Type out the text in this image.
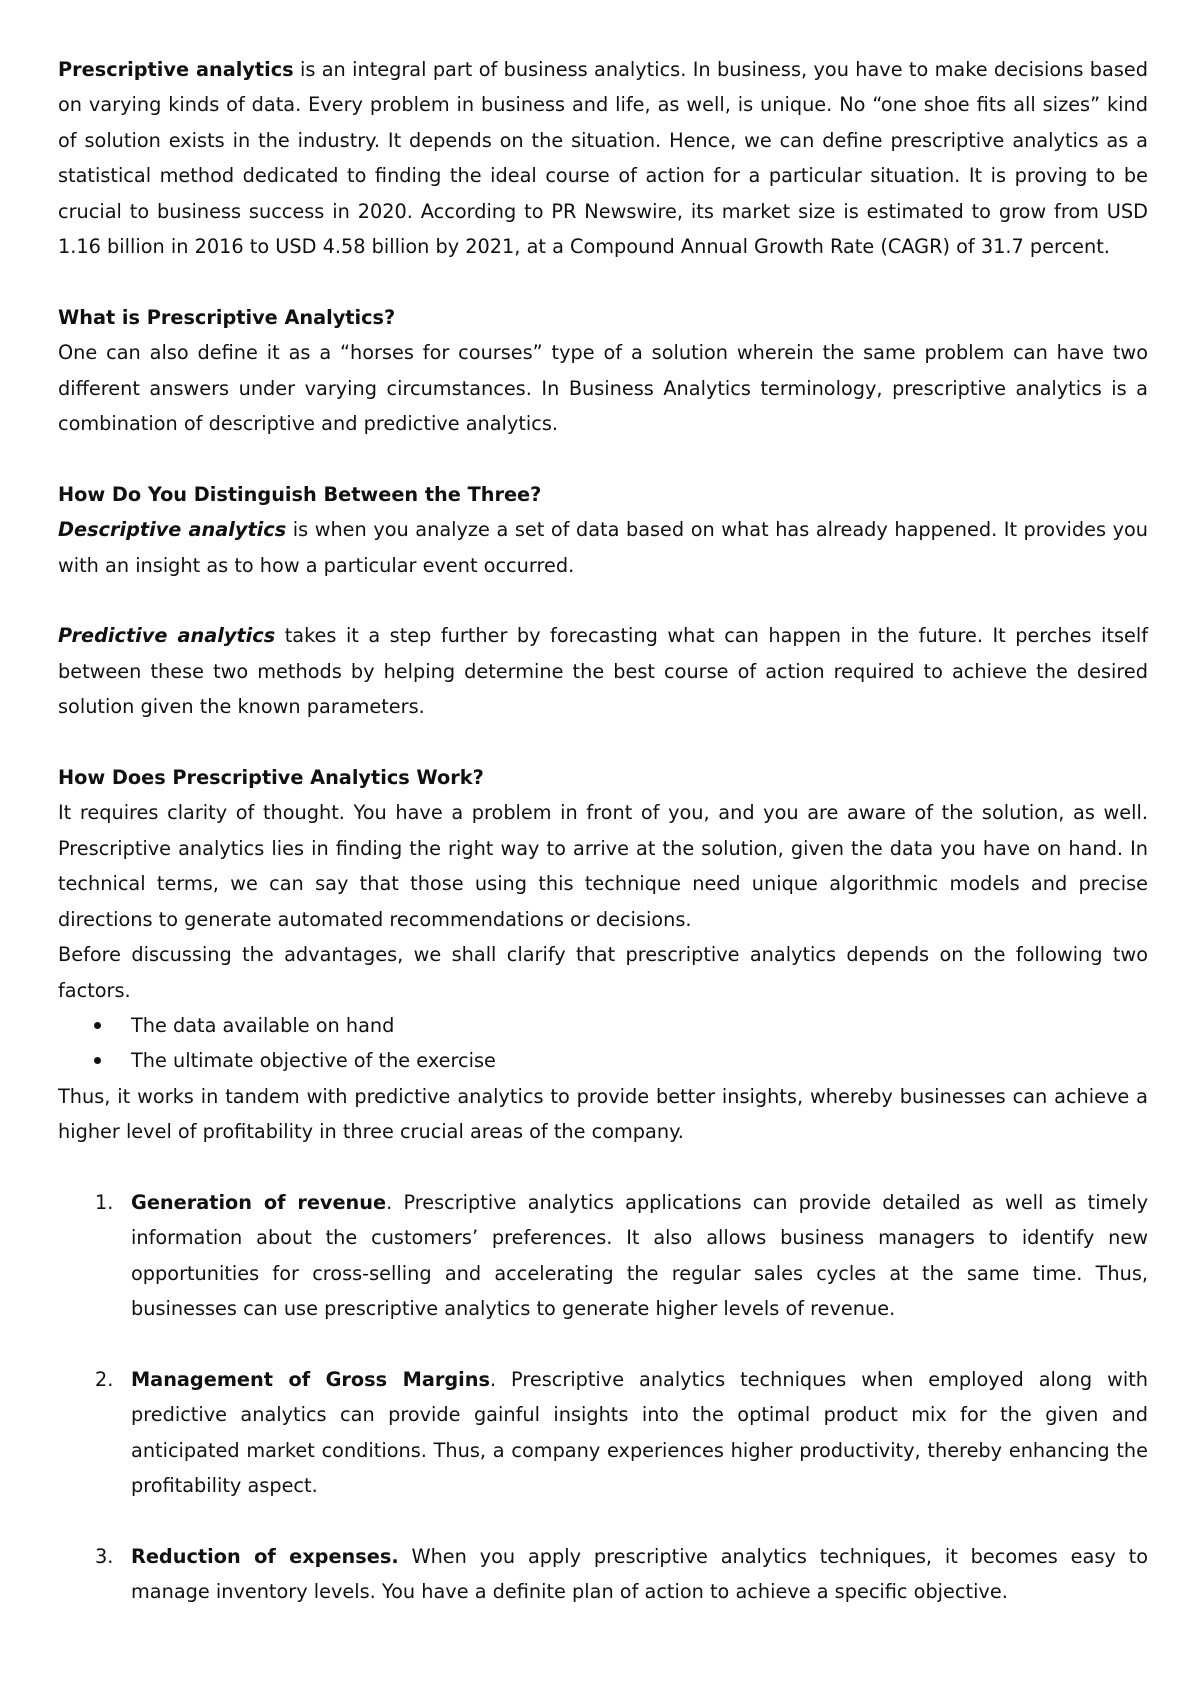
Prescriptive analytics is an integral part of business analytics. In business, you have to make decisions based on varying kinds of data. Every problem in business and life, as well, is unique. No “one shoe fits all sizes” kind of solution exists in the industry. It depends on the situation. Hence, we can define prescriptive analytics as a statistical method dedicated to finding the ideal course of action for a particular situation. It is proving to be crucial to business success in 2020. According to PR Newswire, its market size is estimated to grow from USD 1.16 billion in 2016 to USD 4.58 billion by 2021, at a Compound Annual Growth Rate (CAGR) of 31.7 percent.

What is Prescriptive Analytics?

One can also define it as a “horses for courses” type of a solution wherein the same problem can have two different answers under varying circumstances. In Business Analytics terminology, prescriptive analytics is a combination of descriptive and predictive analytics.

How Do You Distinguish Between the Three?

Descriptive analytics is when you analyze a set of data based on what has already happened. It provides you with an insight as to how a particular event occurred.

Predictive analytics takes it a step further by forecasting what can happen in the future. It perches itself between these two methods by helping determine the best course of action required to achieve the desired solution given the known parameters.

How Does Prescriptive Analytics Work?

It requires clarity of thought. You have a problem in front of you, and you are aware of the solution, as well. Prescriptive analytics lies in finding the right way to arrive at the solution, given the data you have on hand. In technical terms, we can say that those using this technique need unique algorithmic models and precise directions to generate automated recommendations or decisions.

Before discussing the advantages, we shall clarify that prescriptive analytics depends on the following two factors.

The data available on hand
The ultimate objective of the exercise

Thus, it works in tandem with predictive analytics to provide better insights, whereby businesses can achieve a higher level of profitability in three crucial areas of the company.

1. Generation of revenue. Prescriptive analytics applications can provide detailed as well as timely information about the customers’ preferences. It also allows business managers to identify new opportunities for cross-selling and accelerating the regular sales cycles at the same time. Thus, businesses can use prescriptive analytics to generate higher levels of revenue.
2. Management of Gross Margins. Prescriptive analytics techniques when employed along with predictive analytics can provide gainful insights into the optimal product mix for the given and anticipated market conditions. Thus, a company experiences higher productivity, thereby enhancing the profitability aspect.
3. Reduction of expenses. When you apply prescriptive analytics techniques, it becomes easy to manage inventory levels. You have a definite plan of action to achieve a specific objective.
